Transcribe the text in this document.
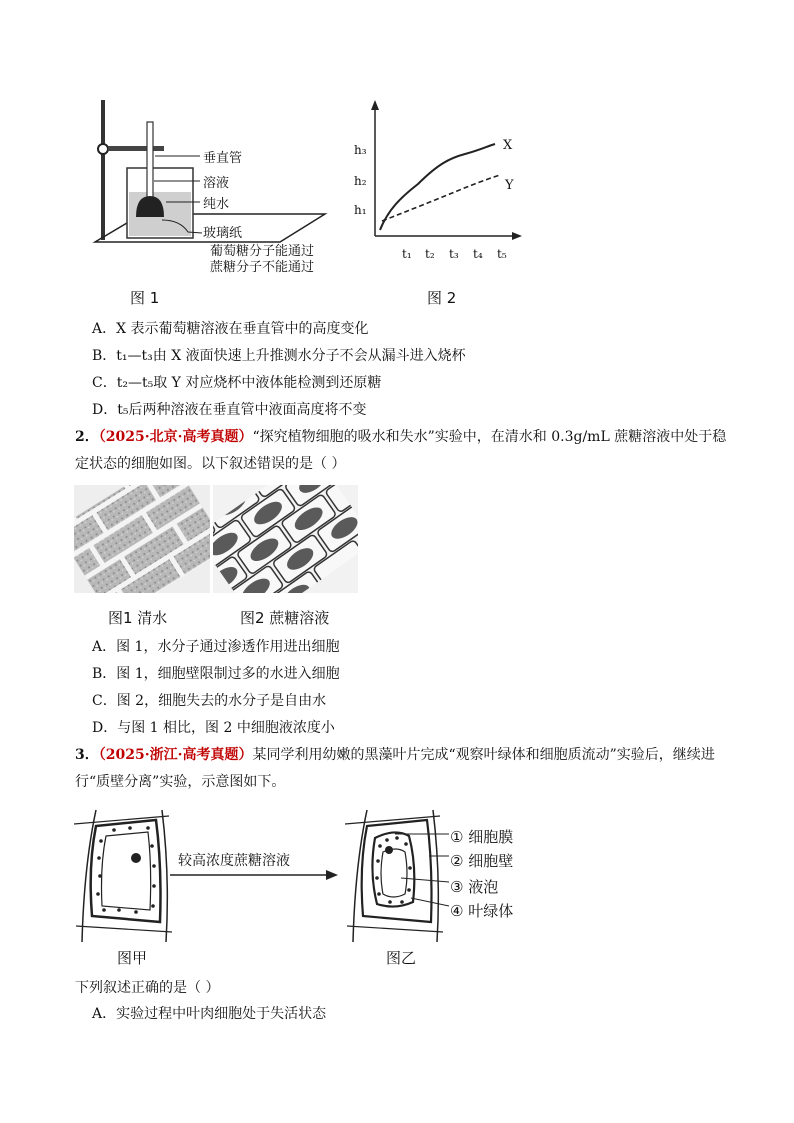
垂直管
溶液
纯水
玻璃纸
葡萄糖分子能通过
蔗糖分子不能通过
图 1
h₃
h₂
h₁
t₁ t₂ t₃ t₄ t₅
X
Y
图 2
A．X 表示葡萄糖溶液在垂直管中的高度变化
B．t₁—t₃由 X 液面快速上升推测水分子不会从漏斗进入烧杯
C．t₂—t₅取 Y 对应烧杯中液体能检测到还原糖
D．t₅后两种溶液在垂直管中液面高度将不变
2．（2025·北京·高考真题）“探究植物细胞的吸水和失水”实验中，在清水和 0.3g/mL 蔗糖溶液中处于稳定状态的细胞如图。以下叙述错误的是（ ）
图1 清水	图2 蔗糖溶液
A．图 1，水分子通过渗透作用进出细胞
B．图 1，细胞壁限制过多的水进入细胞
C．图 2，细胞失去的水分子是自由水
D．与图 1 相比，图 2 中细胞液浓度小
3．（2025·浙江·高考真题）某同学利用幼嫩的黑藻叶片完成“观察叶绿体和细胞质流动”实验后，继续进行“质壁分离”实验，示意图如下。
较高浓度蔗糖溶液
① 细胞膜
② 细胞壁
③ 液泡
④ 叶绿体
图甲	图乙
下列叙述正确的是（ ）
A．实验过程中叶肉细胞处于失活状态
